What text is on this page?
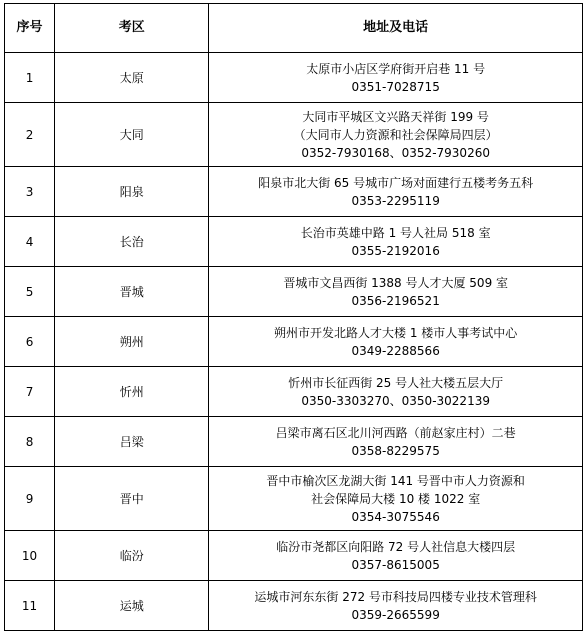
序号	考区	地址及电话
1	太原	太原市小店区学府街开启巷 11 号
0351-7028715

2	大同	大同市平城区文兴路天祥街 199 号
（大同市人力资源和社会保障局四层）
0352-7930168、0352-7930260

3	阳泉	阳泉市北大街 65 号城市广场对面建行五楼考务五科
0353-2295119

4	长治	长治市英雄中路 1 号人社局 518 室
0355-2192016

5	晋城	晋城市文昌西街 1388 号人才大厦 509 室
0356-2196521

6	朔州	朔州市开发北路人才大楼 1 楼市人事考试中心
0349-2288566

7	忻州	忻州市长征西街 25 号人社大楼五层大厅
0350-3303270、0350-3022139

8	吕梁	吕梁市离石区北川河西路（前赵家庄村）二巷
0358-8229575

9	晋中	晋中市榆次区龙湖大街 141 号晋中市人力资源和
社会保障局大楼 10 楼 1022 室
0354-3075546

10	临汾	临汾市尧都区向阳路 72 号人社信息大楼四层
0357-8615005

11	运城	运城市河东东街 272 号市科技局四楼专业技术管理科
0359-2665599
